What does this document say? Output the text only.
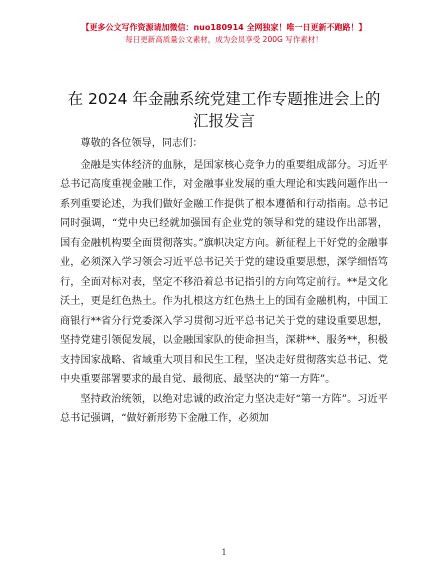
【更多公文写作资源请加微信：nuo180914 全网独家！唯一日更新不跑路！】
每日更新高质量公文素材，成为会员享受 200G 写作素材！
在 2024 年金融系统党建工作专题推进会上的汇报发言

尊敬的各位领导，同志们：

金融是实体经济的血脉，是国家核心竞争力的重要组成部分。习近平总书记高度重视金融工作，对金融事业发展的重大理论和实践问题作出一系列重要论述，为我们做好金融工作提供了根本遵循和行动指南。总书记同时强调，“党中央已经就加强国有企业党的领导和党的建设作出部署，国有金融机构要全面贯彻落实。”旗帜决定方向。新征程上干好党的金融事业，必须深入学习领会习近平总书记关于党的建设重要思想，深学细悟笃行，全面对标对表，坚定不移沿着总书记指引的方向笃定前行。**是文化沃土，更是红色热土。作为扎根这方红色热土上的国有金融机构，中国工商银行**省分行党委深入学习贯彻习近平总书记关于党的建设重要思想，坚持党建引领促发展，以金融国家队的使命担当，深耕**、服务**，积极支持国家战略、省域重大项目和民生工程，坚决走好贯彻落实总书记、党中央重要部署要求的最自觉、最彻底、最坚决的“第一方阵”。

坚持政治统领，以绝对忠诚的政治定力坚决走好“第一方阵”。习近平总书记强调，“做好新形势下金融工作，必须加

1
